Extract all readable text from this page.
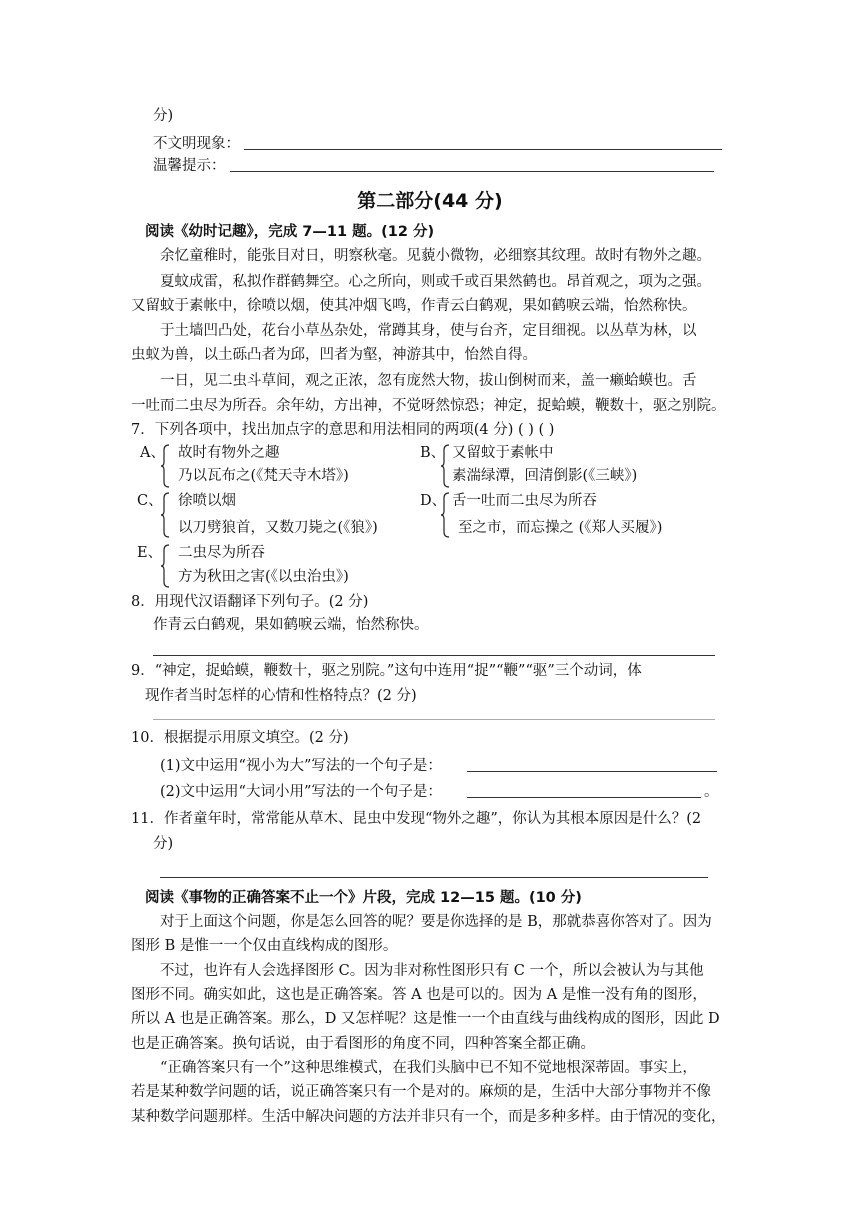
分)
不文明现象：
温馨提示：
第二部分(44 分)
阅读《幼时记趣》，完成 7—11 题。(12 分)
余忆童稚时，能张目对日，明察秋毫。见藐小微物，必细察其纹理。故时有物外之趣。
夏蚊成雷，私拟作群鹤舞空。心之所向，则或千或百果然鹤也。昂首观之，项为之强。
又留蚊于素帐中，徐喷以烟，使其冲烟飞鸣，作青云白鹤观，果如鹤唳云端，怡然称快。
于土墙凹凸处，花台小草丛杂处，常蹲其身，使与台齐，定目细视。以丛草为林，以
虫蚁为兽，以土砾凸者为邱，凹者为壑，神游其中，怡然自得。
一日，见二虫斗草间，观之正浓，忽有庞然大物，拔山倒树而来，盖一癞蛤蟆也。舌
一吐而二虫尽为所吞。余年幼，方出神，不觉呀然惊恐；神定，捉蛤蟆，鞭数十，驱之别院。
7．下列各项中，找出加点字的意思和用法相同的两项(4 分) ( ) ( )
A、 故时有物外之趣
乃以瓦布之(《梵天寺木塔》)
B、 又留蚊于素帐中
素湍绿潭，回清倒影(《三峡》)
C、 徐喷以烟
以刀劈狼首，又数刀毙之(《狼》)
D、 舌一吐而二虫尽为所吞
至之市，而忘操之 (《郑人买履》)
E、 二虫尽为所吞
方为秋田之害(《以虫治虫》)
8．用现代汉语翻译下列句子。(2 分)
作青云白鹤观，果如鹤唳云端，怡然称快。
9．“神定，捉蛤蟆，鞭数十，驱之别院。”这句中连用“捉”“鞭”“驱”三个动词，体
现作者当时怎样的心情和性格特点？(2 分)
10．根据提示用原文填空。(2 分)
(1)文中运用“视小为大”写法的一个句子是：
(2)文中运用“大词小用”写法的一个句子是：	。
11．作者童年时，常常能从草木、昆虫中发现“物外之趣”，你认为其根本原因是什么？(2
分)
阅读《事物的正确答案不止一个》片段，完成 12—15 题。(10 分)
对于上面这个问题，你是怎么回答的呢？要是你选择的是 B，那就恭喜你答对了。因为
图形 B 是惟一一个仅由直线构成的图形。
不过，也许有人会选择图形 C。因为非对称性图形只有 C 一个，所以会被认为与其他
图形不同。确实如此，这也是正确答案。答 A 也是可以的。因为 A 是惟一没有角的图形，
所以 A 也是正确答案。那么，D 又怎样呢？这是惟一一个由直线与曲线构成的图形，因此 D
也是正确答案。换句话说，由于看图形的角度不同，四种答案全都正确。
“正确答案只有一个”这种思维模式，在我们头脑中已不知不觉地根深蒂固。事实上，
若是某种数学问题的话，说正确答案只有一个是对的。麻烦的是，生活中大部分事物并不像
某种数学问题那样。生活中解决问题的方法并非只有一个，而是多种多样。由于情况的变化，
